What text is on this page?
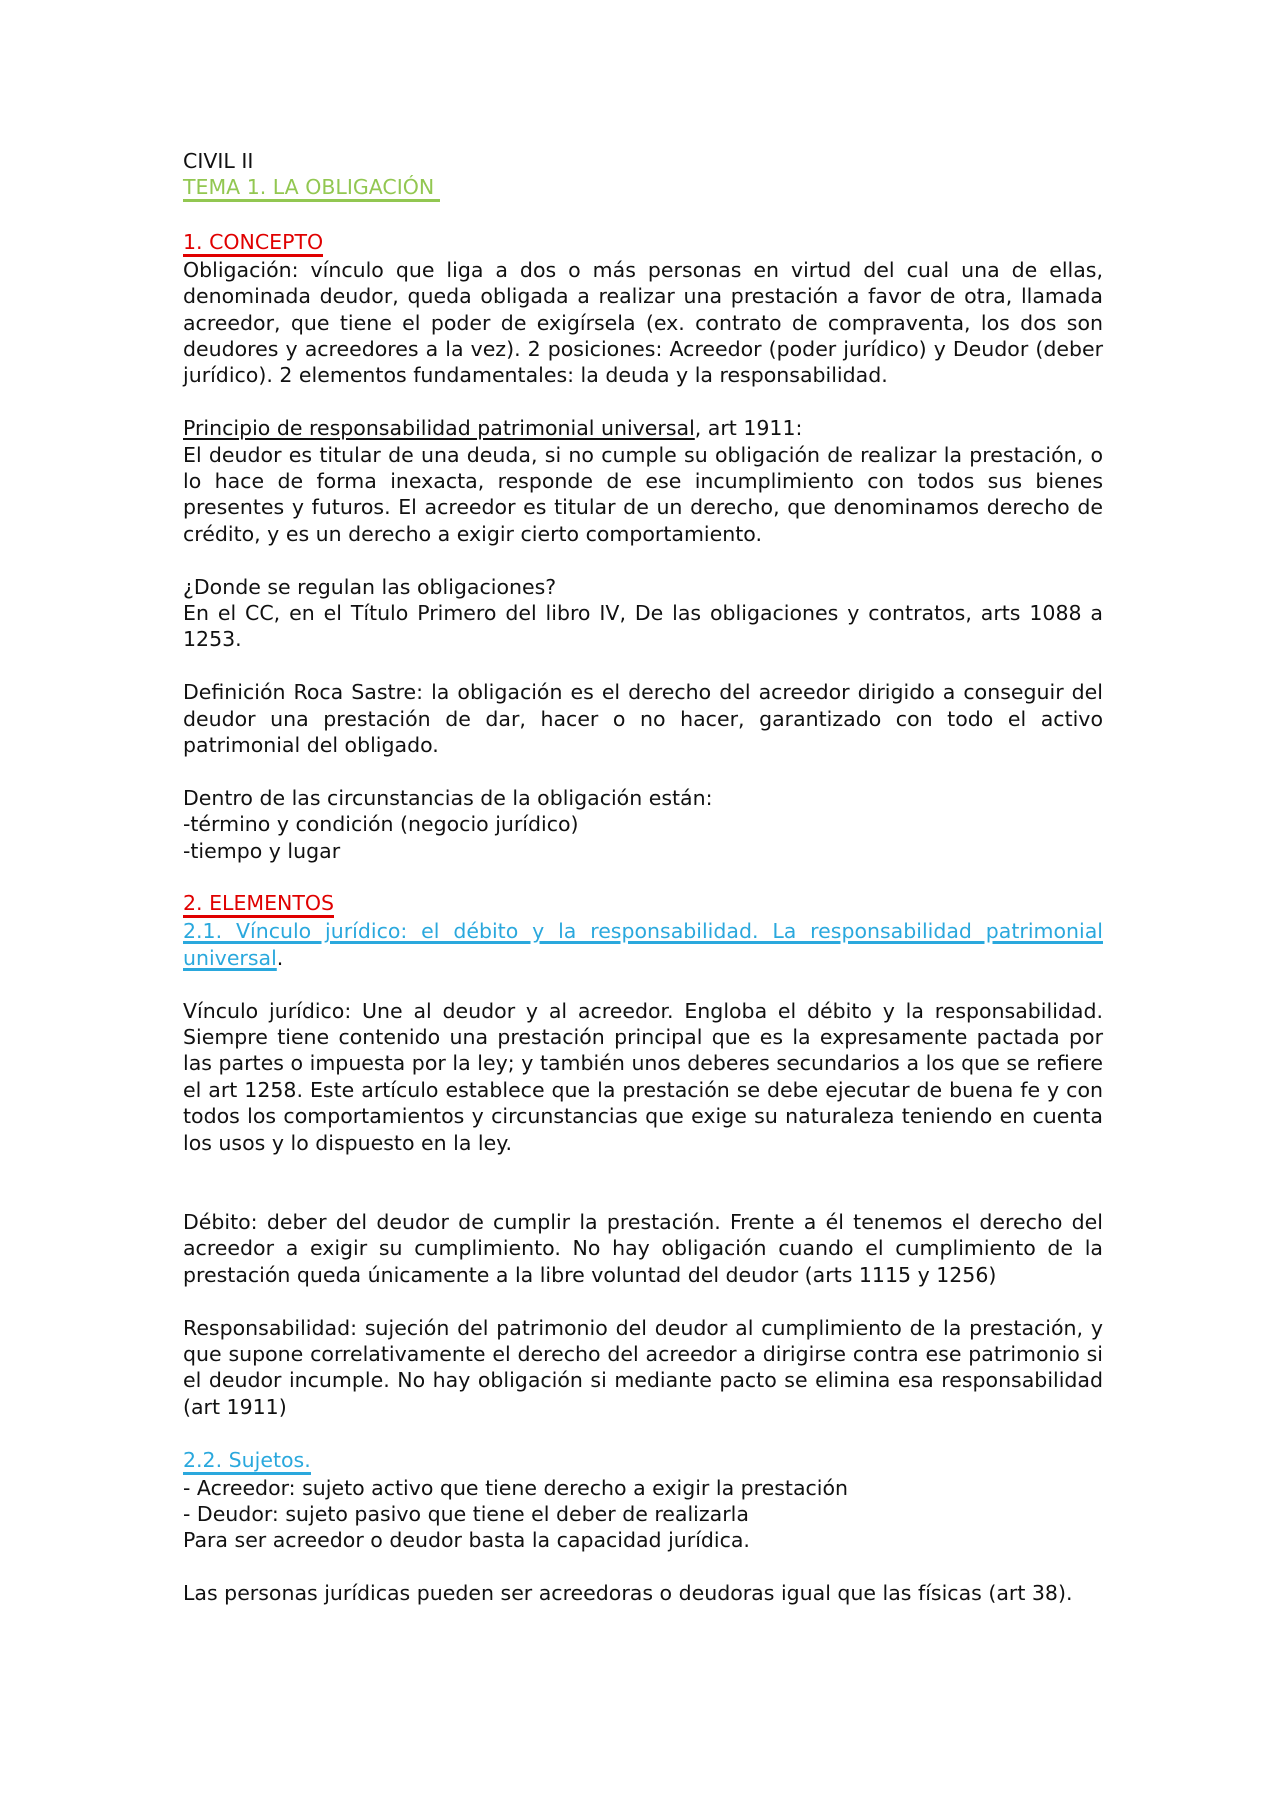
CIVIL II

TEMA 1. LA OBLIGACIÓN

1. CONCEPTO

Obligación: vínculo que liga a dos o más personas en virtud del cual una de ellas, denominada deudor, queda obligada a realizar una prestación a favor de otra, llamada acreedor, que tiene el poder de exigírsela (ex. contrato de compraventa, los dos son deudores y acreedores a la vez). 2 posiciones: Acreedor (poder jurídico) y Deudor (deber jurídico). 2 elementos fundamentales: la deuda y la responsabilidad.

Principio de responsabilidad patrimonial universal, art 1911:

El deudor es titular de una deuda, si no cumple su obligación de realizar la prestación, o lo hace de forma inexacta, responde de ese incumplimiento con todos sus bienes presentes y futuros. El acreedor es titular de un derecho, que denominamos derecho de crédito, y es un derecho a exigir cierto comportamiento.

¿Donde se regulan las obligaciones?

En el CC, en el Título Primero del libro IV, De las obligaciones y contratos, arts 1088 a 1253.

Definición Roca Sastre: la obligación es el derecho del acreedor dirigido a conseguir del deudor una prestación de dar, hacer o no hacer, garantizado con todo el activo patrimonial del obligado.

Dentro de las circunstancias de la obligación están:

-término y condición (negocio jurídico)

-tiempo y lugar

2. ELEMENTOS

2.1. Vínculo jurídico: el débito y la responsabilidad. La responsabilidad patrimonial universal.

Vínculo jurídico: Une al deudor y al acreedor. Engloba el débito y la responsabilidad. Siempre tiene contenido una prestación principal que es la expresamente pactada por las partes o impuesta por la ley; y también unos deberes secundarios a los que se refiere el art 1258. Este artículo establece que la prestación se debe ejecutar de buena fe y con todos los comportamientos y circunstancias que exige su naturaleza teniendo en cuenta los usos y lo dispuesto en la ley.

Débito: deber del deudor de cumplir la prestación. Frente a él tenemos el derecho del acreedor a exigir su cumplimiento. No hay obligación cuando el cumplimiento de la prestación queda únicamente a la libre voluntad del deudor (arts 1115 y 1256)

Responsabilidad: sujeción del patrimonio del deudor al cumplimiento de la prestación, y que supone correlativamente el derecho del acreedor a dirigirse contra ese patrimonio si el deudor incumple. No hay obligación si mediante pacto se elimina esa responsabilidad (art 1911)

2.2. Sujetos.

- Acreedor: sujeto activo que tiene derecho a exigir la prestación

- Deudor: sujeto pasivo que tiene el deber de realizarla

Para ser acreedor o deudor basta la capacidad jurídica.

Las personas jurídicas pueden ser acreedoras o deudoras igual que las físicas (art 38).
